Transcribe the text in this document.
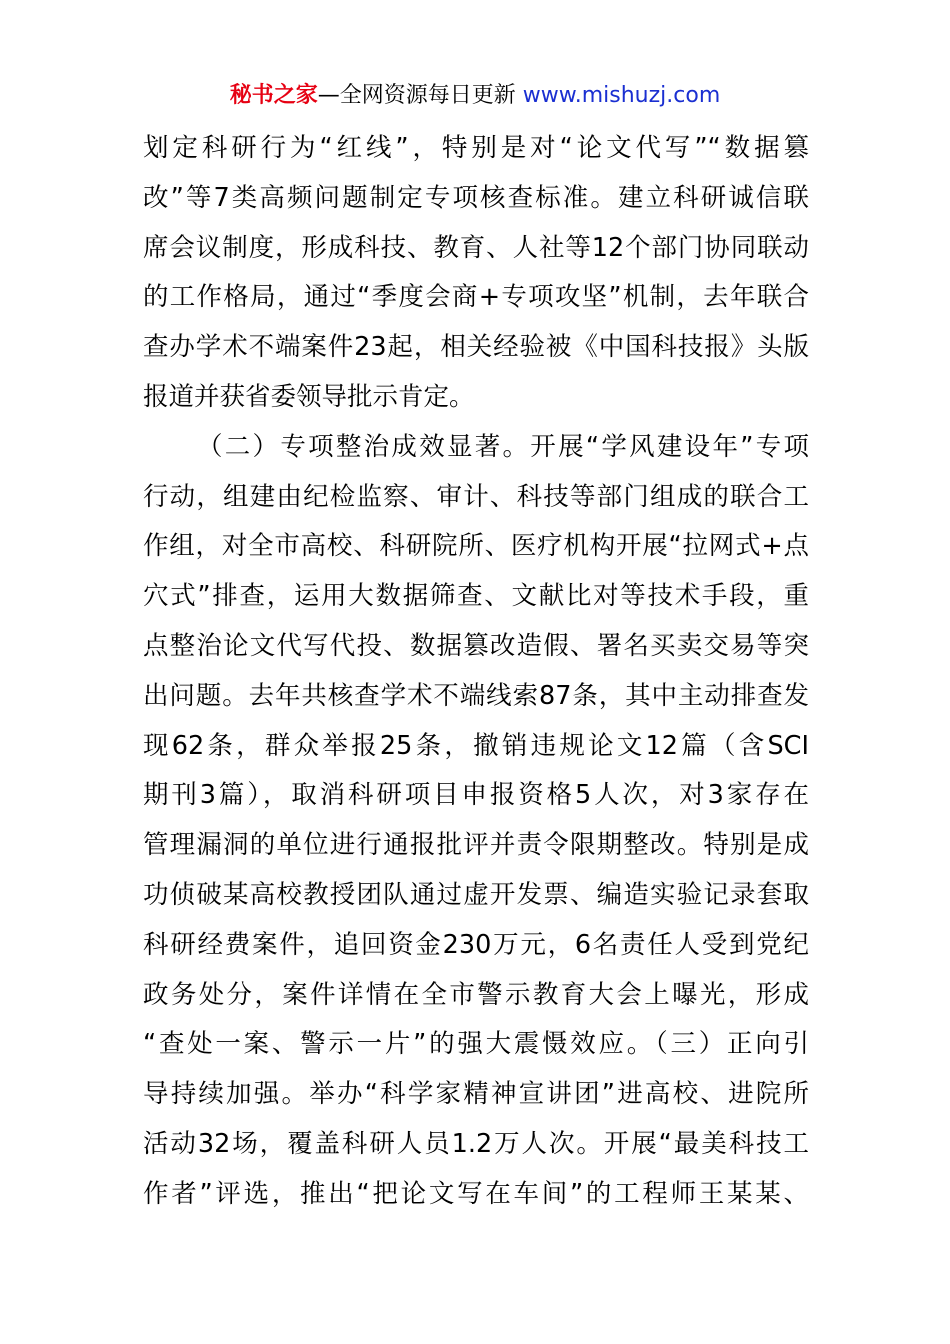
秘书之家—全网资源每日更新 www.mishuzj.com
划定科研行为“红线”，特别是对“论文代写”“数据篡
改”等7类高频问题制定专项核查标准。建立科研诚信联
席会议制度，形成科技、教育、人社等12个部门协同联动
的工作格局，通过“季度会商+专项攻坚”机制，去年联合
查办学术不端案件23起，相关经验被《中国科技报》头版
报道并获省委领导批示肯定。
（二）专项整治成效显著。开展“学风建设年”专项
行动，组建由纪检监察、审计、科技等部门组成的联合工
作组，对全市高校、科研院所、医疗机构开展“拉网式+点
穴式”排查，运用大数据筛查、文献比对等技术手段，重
点整治论文代写代投、数据篡改造假、署名买卖交易等突
出问题。去年共核查学术不端线索87条，其中主动排查发
现62条，群众举报25条，撤销违规论文12篇（含SCI
期刊3篇），取消科研项目申报资格5人次，对3家存在
管理漏洞的单位进行通报批评并责令限期整改。特别是成
功侦破某高校教授团队通过虚开发票、编造实验记录套取
科研经费案件，追回资金230万元，6名责任人受到党纪
政务处分，案件详情在全市警示教育大会上曝光，形成
“查处一案、警示一片”的强大震慑效应。（三）正向引
导持续加强。举办“科学家精神宣讲团”进高校、进院所
活动32场，覆盖科研人员1.2万人次。开展“最美科技工
作者”评选，推出“把论文写在车间”的工程师王某某、
